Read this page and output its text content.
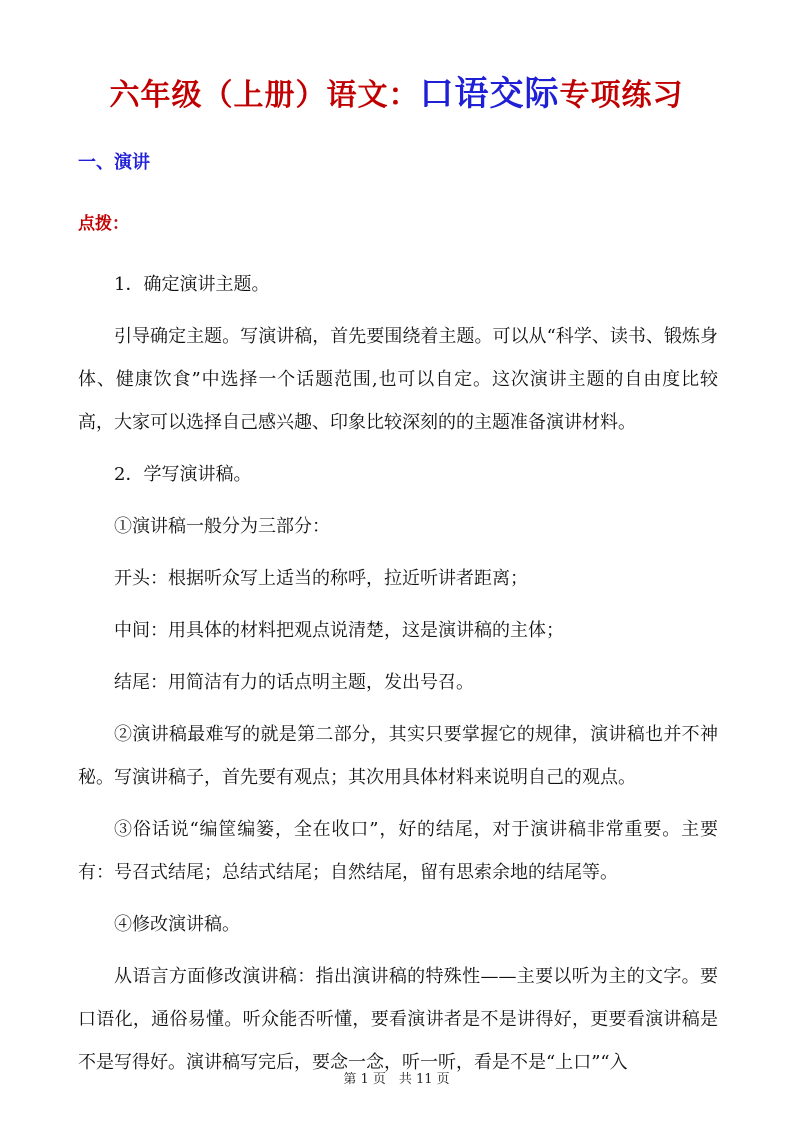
六年级（上册）语文：口语交际专项练习
一、演讲
点拨：

1．确定演讲主题。

引导确定主题。写演讲稿，首先要围绕着主题。可以从“科学、读书、锻炼身体、健康饮食”中选择一个话题范围,也可以自定。这次演讲主题的自由度比较高，大家可以选择自己感兴趣、印象比较深刻的的主题准备演讲材料。

2．学写演讲稿。

①演讲稿一般分为三部分：

开头：根据听众写上适当的称呼，拉近听讲者距离；

中间：用具体的材料把观点说清楚，这是演讲稿的主体；

结尾：用简洁有力的话点明主题，发出号召。

②演讲稿最难写的就是第二部分，其实只要掌握它的规律，演讲稿也并不神秘。写演讲稿子，首先要有观点；其次用具体材料来说明自己的观点。

③俗话说“编筐编篓，全在收口”，好的结尾，对于演讲稿非常重要。主要有：号召式结尾；总结式结尾；自然结尾，留有思索余地的结尾等。

④修改演讲稿。

从语言方面修改演讲稿：指出演讲稿的特殊性——主要以听为主的文字。要口语化，通俗易懂。听众能否听懂，要看演讲者是不是讲得好，更要看演讲稿是不是写得好。演讲稿写完后，要念一念，听一听，看是不是“上口”“入

第 1 页　共 11 页
